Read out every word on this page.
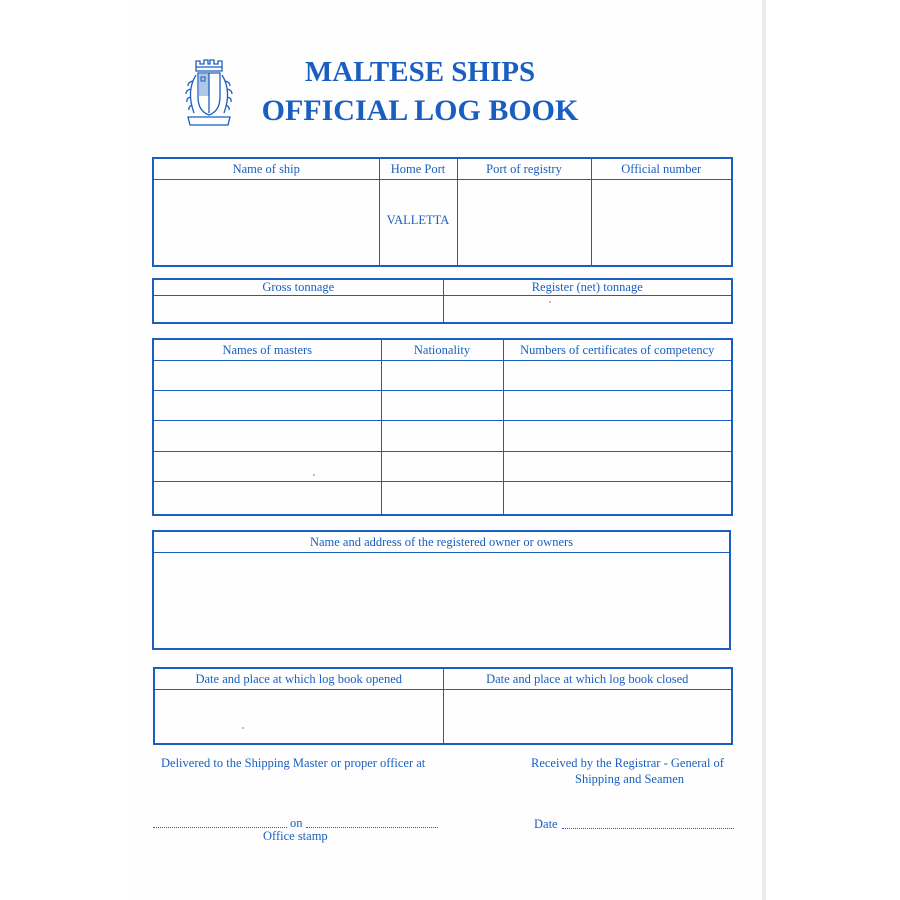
MALTESE SHIPS
OFFICIAL LOG BOOK
Name of ship	Home Port	Port of registry	Official number
	VALLETTA		
Gross tonnage	Register (net) tonnage

Names of masters	Nationality	Numbers of certificates of competency

Name and address of the registered owner or owners

Date and place at which log book opened	Date and place at which log book closed

Delivered to the Shipping Master or proper officer at	Received by the Registrar - General of
Shipping and Seamen
on
Office stamp
Date
